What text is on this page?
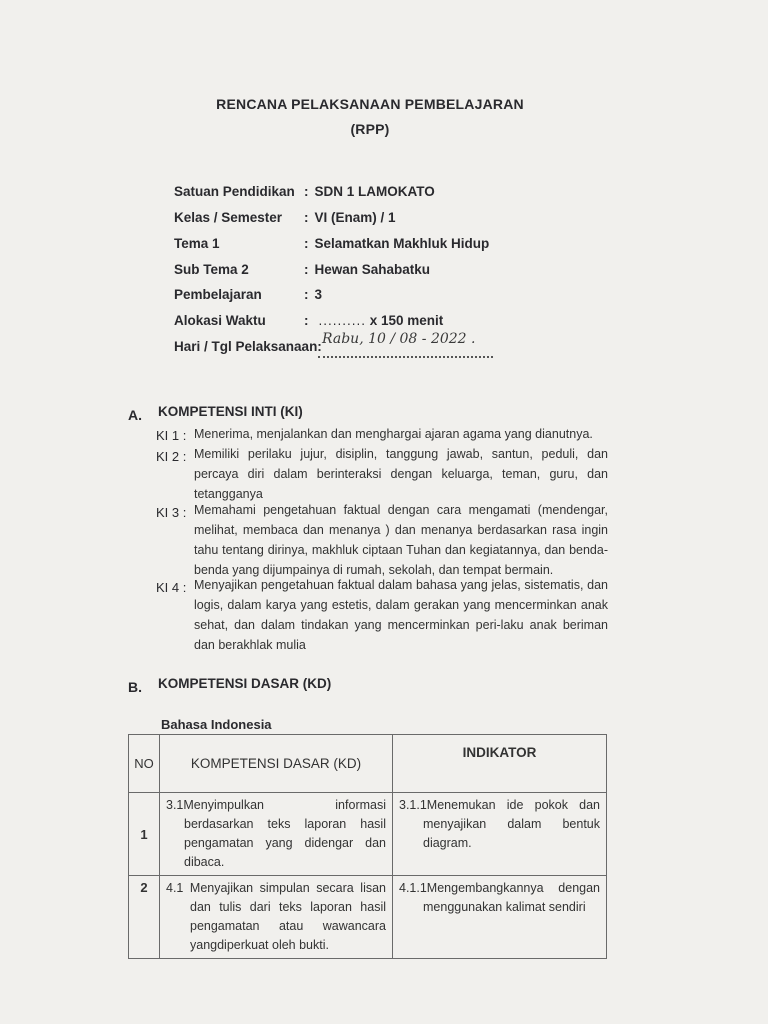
RENCANA PELAKSANAAN PEMBELAJARAN
(RPP)
Satuan Pendidikan : SDN 1 LAMOKATO
Kelas / Semester : VI (Enam) / 1
Tema 1	: Selamatkan Makhluk Hidup
Sub Tema 2	: Hewan Sahabatku
Pembelajaran	: 3
Alokasi Waktu	: .......... x 150 menit
Hari / Tgl Pelaksanaan: Rabu, 10 / 08 - 2022 .
A. KOMPETENSI INTI (KI)
KI 1 : Menerima, menjalankan dan menghargai ajaran agama yang dianutnya.
KI 2 : Memiliki perilaku jujur, disiplin, tanggung jawab, santun, peduli, dan percaya diri dalam berinteraksi dengan keluarga, teman, guru, dan tetangganya
KI 3 : Memahami pengetahuan faktual dengan cara mengamati (mendengar, melihat, membaca dan menanya ) dan menanya berdasarkan rasa ingin tahu tentang dirinya, makhluk ciptaan Tuhan dan kegiatannya, dan benda-benda yang dijumpainya di rumah, sekolah, dan tempat bermain.
KI 4 : Menyajikan pengetahuan faktual dalam bahasa yang jelas, sistematis, dan logis, dalam karya yang estetis, dalam gerakan yang mencerminkan anak sehat, dan dalam tindakan yang mencerminkan peri-laku anak beriman dan berakhlak mulia
B. KOMPETENSI DASAR (KD)
Bahasa Indonesia
NO	KOMPETENSI DASAR (KD)	INDIKATOR
1	3.1Menyimpulkan informasi berdasarkan teks laporan hasil pengamatan yang didengar dan dibaca.	3.1.1Menemukan ide pokok dan menyajikan dalam bentuk diagram.

2	4.1 Menyajikan simpulan secara lisan dan tulis dari teks laporan hasil pengamatan atau wawancara yangdiperkuat oleh bukti.	4.1.1Mengembangkannya dengan menggunakan kalimat sendiri
